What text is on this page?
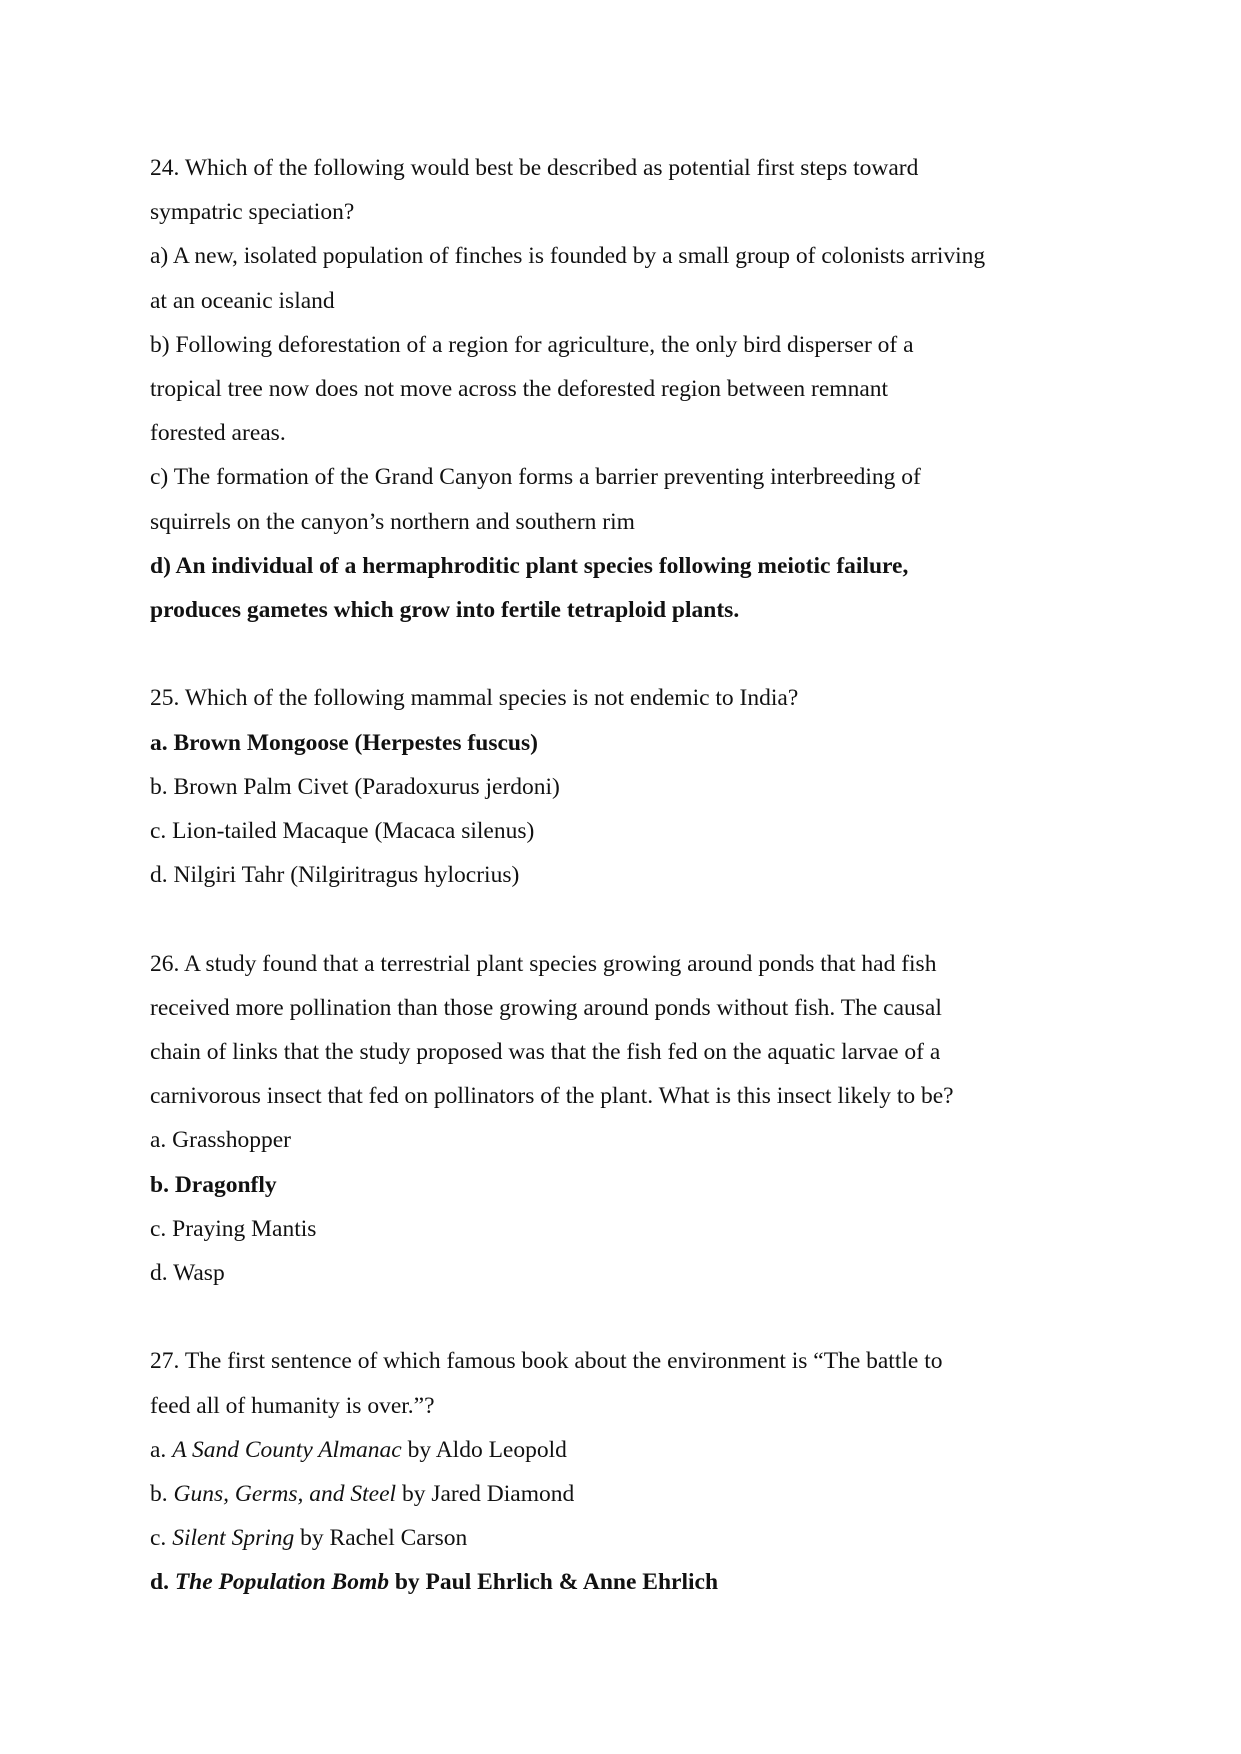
24. Which of the following would best be described as potential first steps toward
sympatric speciation?
a) A new, isolated population of finches is founded by a small group of colonists arriving
at an oceanic island
b) Following deforestation of a region for agriculture, the only bird disperser of a
tropical tree now does not move across the deforested region between remnant
forested areas.
c) The formation of the Grand Canyon forms a barrier preventing interbreeding of
squirrels on the canyon’s northern and southern rim
d) An individual of a hermaphroditic plant species following meiotic failure,
produces gametes which grow into fertile tetraploid plants.
25. Which of the following mammal species is not endemic to India?
a. Brown Mongoose (Herpestes fuscus)
b. Brown Palm Civet (Paradoxurus jerdoni)
c. Lion-tailed Macaque (Macaca silenus)
d. Nilgiri Tahr (Nilgiritragus hylocrius)
26. A study found that a terrestrial plant species growing around ponds that had fish
received more pollination than those growing around ponds without fish. The causal
chain of links that the study proposed was that the fish fed on the aquatic larvae of a
carnivorous insect that fed on pollinators of the plant. What is this insect likely to be?
a. Grasshopper
b. Dragonfly
c. Praying Mantis
d. Wasp
27. The first sentence of which famous book about the environment is “The battle to
feed all of humanity is over.”?
a. A Sand County Almanac by Aldo Leopold
b. Guns, Germs, and Steel by Jared Diamond
c. Silent Spring by Rachel Carson
d. The Population Bomb by Paul Ehrlich & Anne Ehrlich
